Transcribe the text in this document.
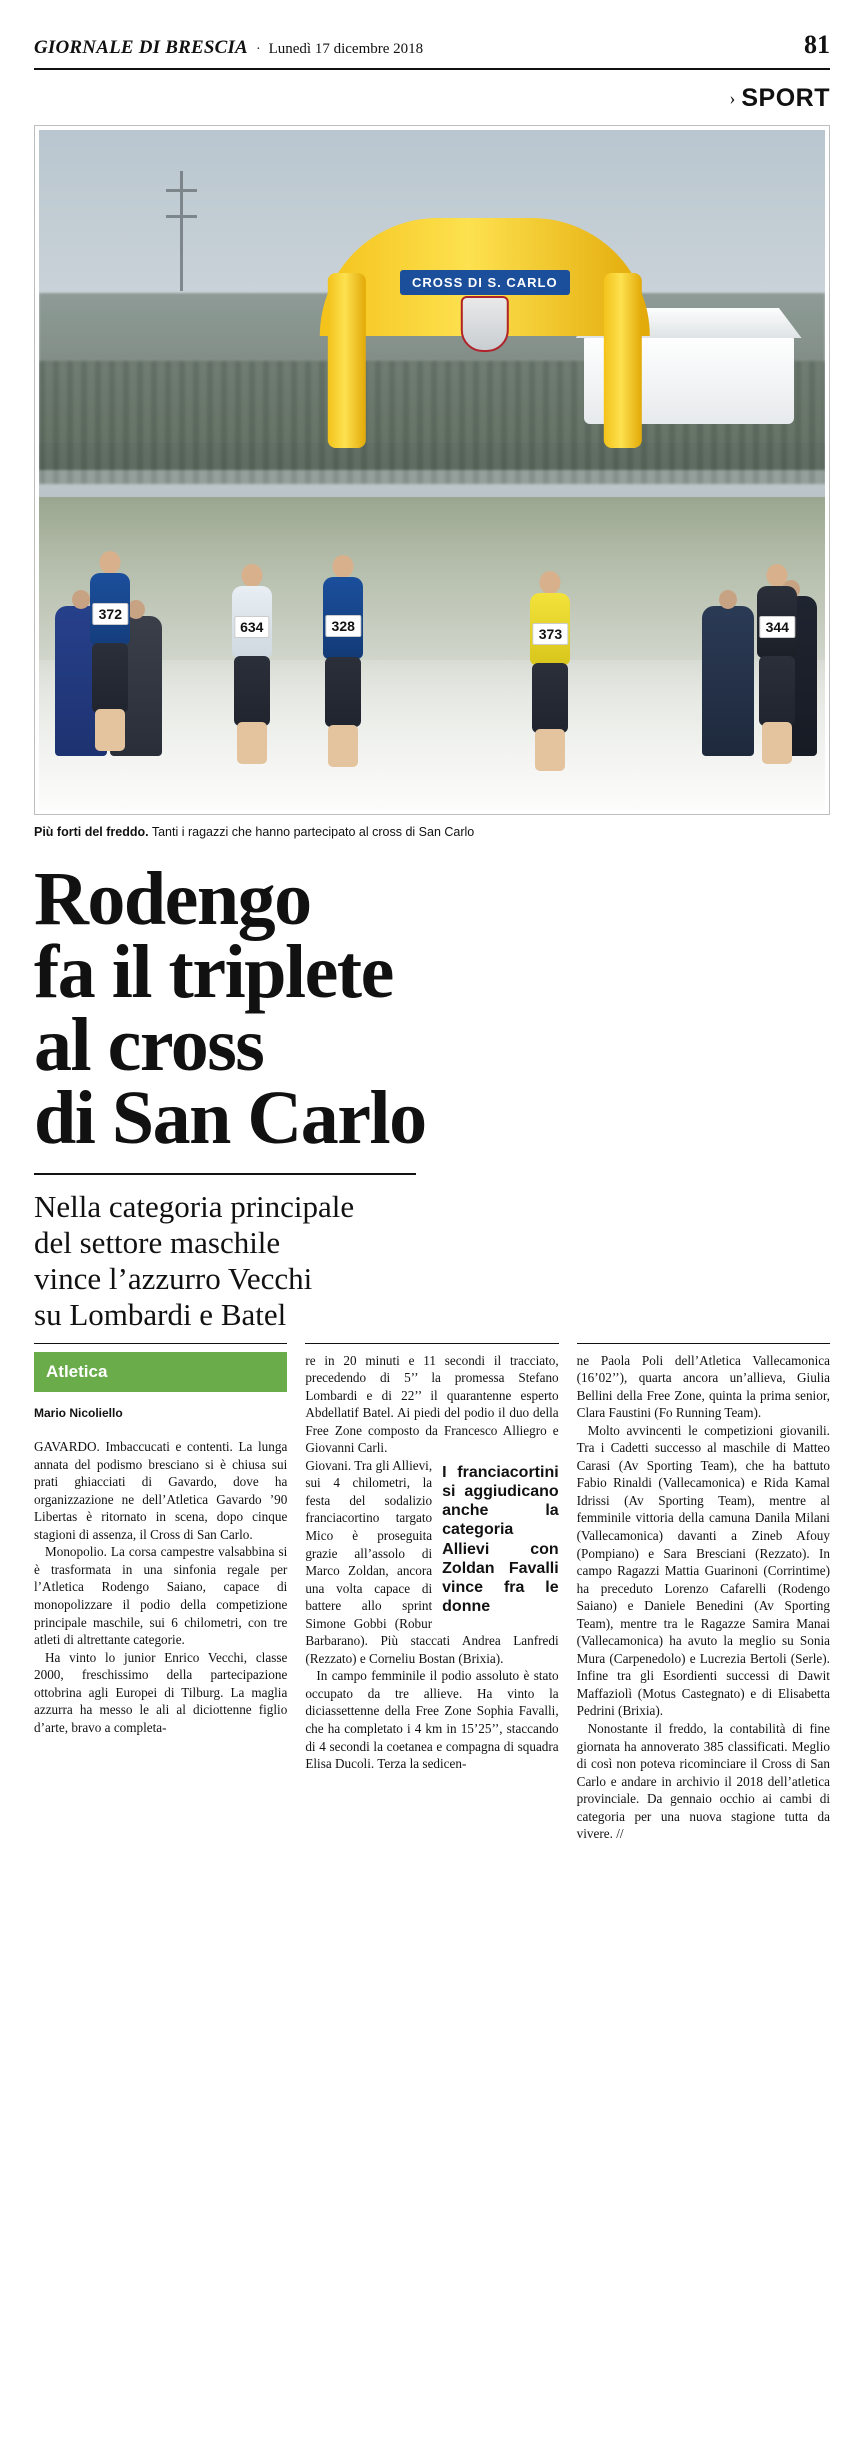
GIORNALE DI BRESCIA · Lunedì 17 dicembre 2018	81
› SPORT
CROSS DI S. CARLO
372
634	328
373	344
Più forti del freddo. Tanti i ragazzi che hanno partecipato al cross di San Carlo
Rodengo
fa il triplete
al cross
di San Carlo
Nella categoria principale
del settore maschile
vince l’azzurro Vecchi
su Lombardi e Batel
Atletica
Mario Nicoliello

GAVARDO. Imbaccucati e contenti. La lunga annata del podismo bresciano si è chiusa sui prati ghiacciati di Gavardo, dove ha organizzazione ne dell’Atletica Gavardo ’90 Libertas è ritornato in scena, dopo cinque stagioni di assenza, il Cross di San Carlo.

Monopolio. La corsa campestre valsabbina si è trasformata in una sinfonia regale per l’Atletica Rodengo Saiano, capace di monopolizzare il podio della competizione principale maschile, sui 6 chilometri, con tre atleti di altrettante categorie.

Ha vinto lo junior Enrico Vecchi, classe 2000, freschissimo della partecipazione ottobrina agli Europei di Tilburg. La maglia azzurra ha messo le ali al diciottenne figlio d’arte, bravo a completa-

re in 20 minuti e 11 secondi il tracciato, precedendo di 5’’ la promessa Stefano Lombardi e di 22’’ il quarantenne esperto Abdellatif Batel. Ai piedi del podio il duo della Free Zone composto da Francesco Alliegro e Giovanni Carli.

I franciacortini si aggiudicano anche la categoria Allievi con Zoldan Favalli vince fra le donne

Giovani. Tra gli Allievi, sui 4 chilometri, la festa del sodalizio franciacortino targato Mico è proseguita grazie all’assolo di Marco Zoldan, ancora una volta capace di battere allo sprint Simone Gobbi (Robur Barbarano). Più staccati Andrea Lanfredi (Rezzato) e Corneliu Bostan (Brixia).

In campo femminile il podio assoluto è stato occupato da tre allieve. Ha vinto la diciassettenne della Free Zone Sophia Favalli, che ha completato i 4 km in 15’25’’, staccando di 4 secondi la coetanea e compagna di squadra Elisa Ducoli. Terza la sedicen-

ne Paola Poli dell’Atletica Vallecamonica (16’02’’), quarta ancora un’allieva, Giulia Bellini della Free Zone, quinta la prima senior, Clara Faustini (Fo Running Team).

Molto avvincenti le competizioni giovanili. Tra i Cadetti successo al maschile di Matteo Carasi (Av Sporting Team), che ha battuto Fabio Rinaldi (Vallecamonica) e Rida Kamal Idrissi (Av Sporting Team), mentre al femminile vittoria della camuna Danila Milani (Vallecamonica) davanti a Zineb Afouy (Pompiano) e Sara Bresciani (Rezzato). In campo Ragazzi Mattia Guarinoni (Corrintime) ha preceduto Lorenzo Cafarelli (Rodengo Saiano) e Daniele Benedini (Av Sporting Team), mentre tra le Ragazze Samira Manai (Vallecamonica) ha avuto la meglio su Sonia Mura (Carpenedolo) e Lucrezia Bertoli (Serle). Infine tra gli Esordienti successi di Dawit Maffaziolì (Motus Castegnato) e di Elisabetta Pedrini (Brixia).

Nonostante il freddo, la contabilità di fine giornata ha annoverato 385 classificati. Meglio di così non poteva ricominciare il Cross di San Carlo e andare in archivio il 2018 dell’atletica provinciale. Da gennaio occhio ai cambi di categoria per una nuova stagione tutta da vivere. //
